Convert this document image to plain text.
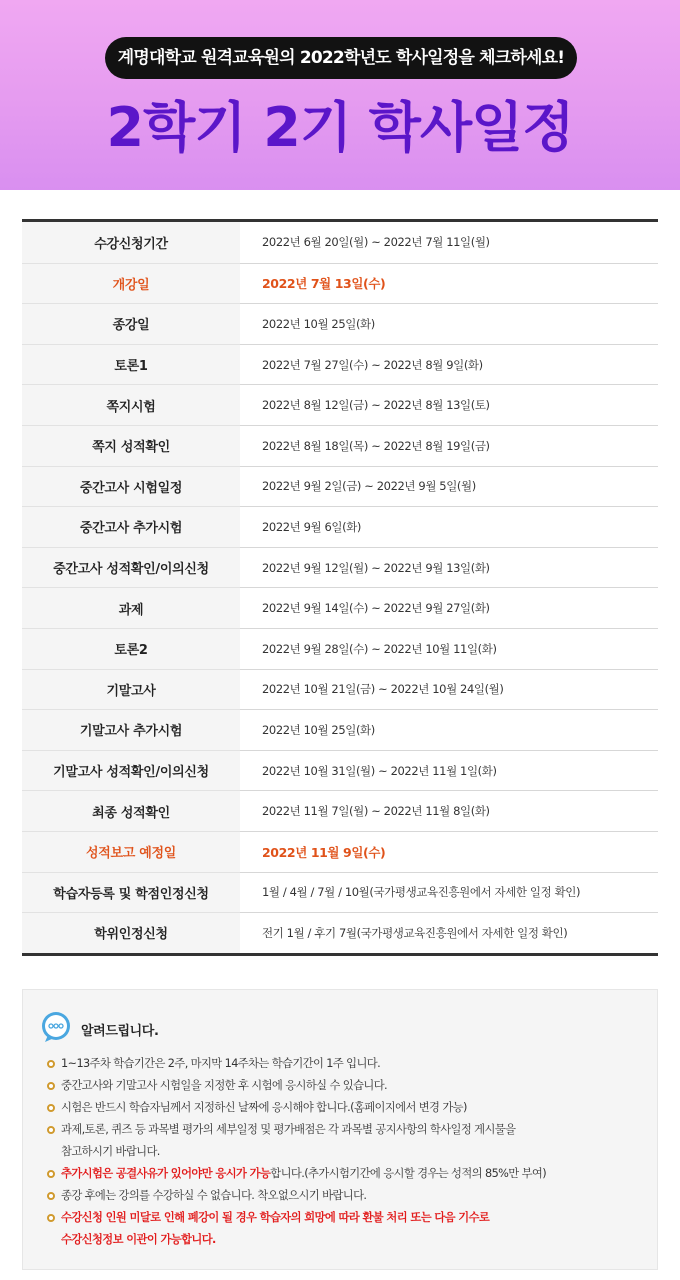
계명대학교 원격교육원의 2022학년도 학사일정을 체크하세요!
2학기 2기 학사일정
수강신청기간	2022년 6월 20일(월) ~ 2022년 7월 11일(월)
개강일	2022년 7월 13일(수)
종강일	2022년 10월 25일(화)
토론1	2022년 7월 27일(수) ~ 2022년 8월 9일(화)
쪽지시험	2022년 8월 12일(금) ~ 2022년 8월 13일(토)
쪽지 성적확인	2022년 8월 18일(목) ~ 2022년 8월 19일(금)
중간고사 시험일정	2022년 9월 2일(금) ~ 2022년 9월 5일(월)
중간고사 추가시험	2022년 9월 6일(화)
중간고사 성적확인/이의신청	2022년 9월 12일(월) ~ 2022년 9월 13일(화)
과제	2022년 9월 14일(수) ~ 2022년 9월 27일(화)
토론2	2022년 9월 28일(수) ~ 2022년 10월 11일(화)
기말고사	2022년 10월 21일(금) ~ 2022년 10월 24일(월)
기말고사 추가시험	2022년 10월 25일(화)
기말고사 성적확인/이의신청	2022년 10월 31일(월) ~ 2022년 11월 1일(화)
최종 성적확인	2022년 11월 7일(월) ~ 2022년 11월 8일(화)
성적보고 예정일	2022년 11월 9일(수)
학습자등록 및 학점인정신청	1월 / 4월 / 7월 / 10월(국가평생교육진흥원에서 자세한 일정 확인)
학위인정신청	전기 1월 / 후기 7월(국가평생교육진흥원에서 자세한 일정 확인)
알려드립니다.
1~13주차 학습기간은 2주, 마지막 14주차는 학습기간이 1주 입니다.
중간고사와 기말고사 시험일을 지정한 후 시험에 응시하실 수 있습니다.
시험은 반드시 학습자님께서 지정하신 날짜에 응시해야 합니다.(홈페이지에서 변경 가능)
과제,토론, 퀴즈 등 과목별 평가의 세부일정 및 평가배점은 각 과목별 공지사항의 학사일정 게시물을
참고하시기 바랍니다.
추가시험은 공결사유가 있어야만 응시가 가능합니다.(추가시험기간에 응시할 경우는 성적의 85%만 부여)
종강 후에는 강의를 수강하실 수 없습니다. 착오없으시기 바랍니다.
수강신청 인원 미달로 인해 폐강이 될 경우 학습자의 희망에 따라 환불 처리 또는 다음 기수로
수강신청정보 이관이 가능합니다.
